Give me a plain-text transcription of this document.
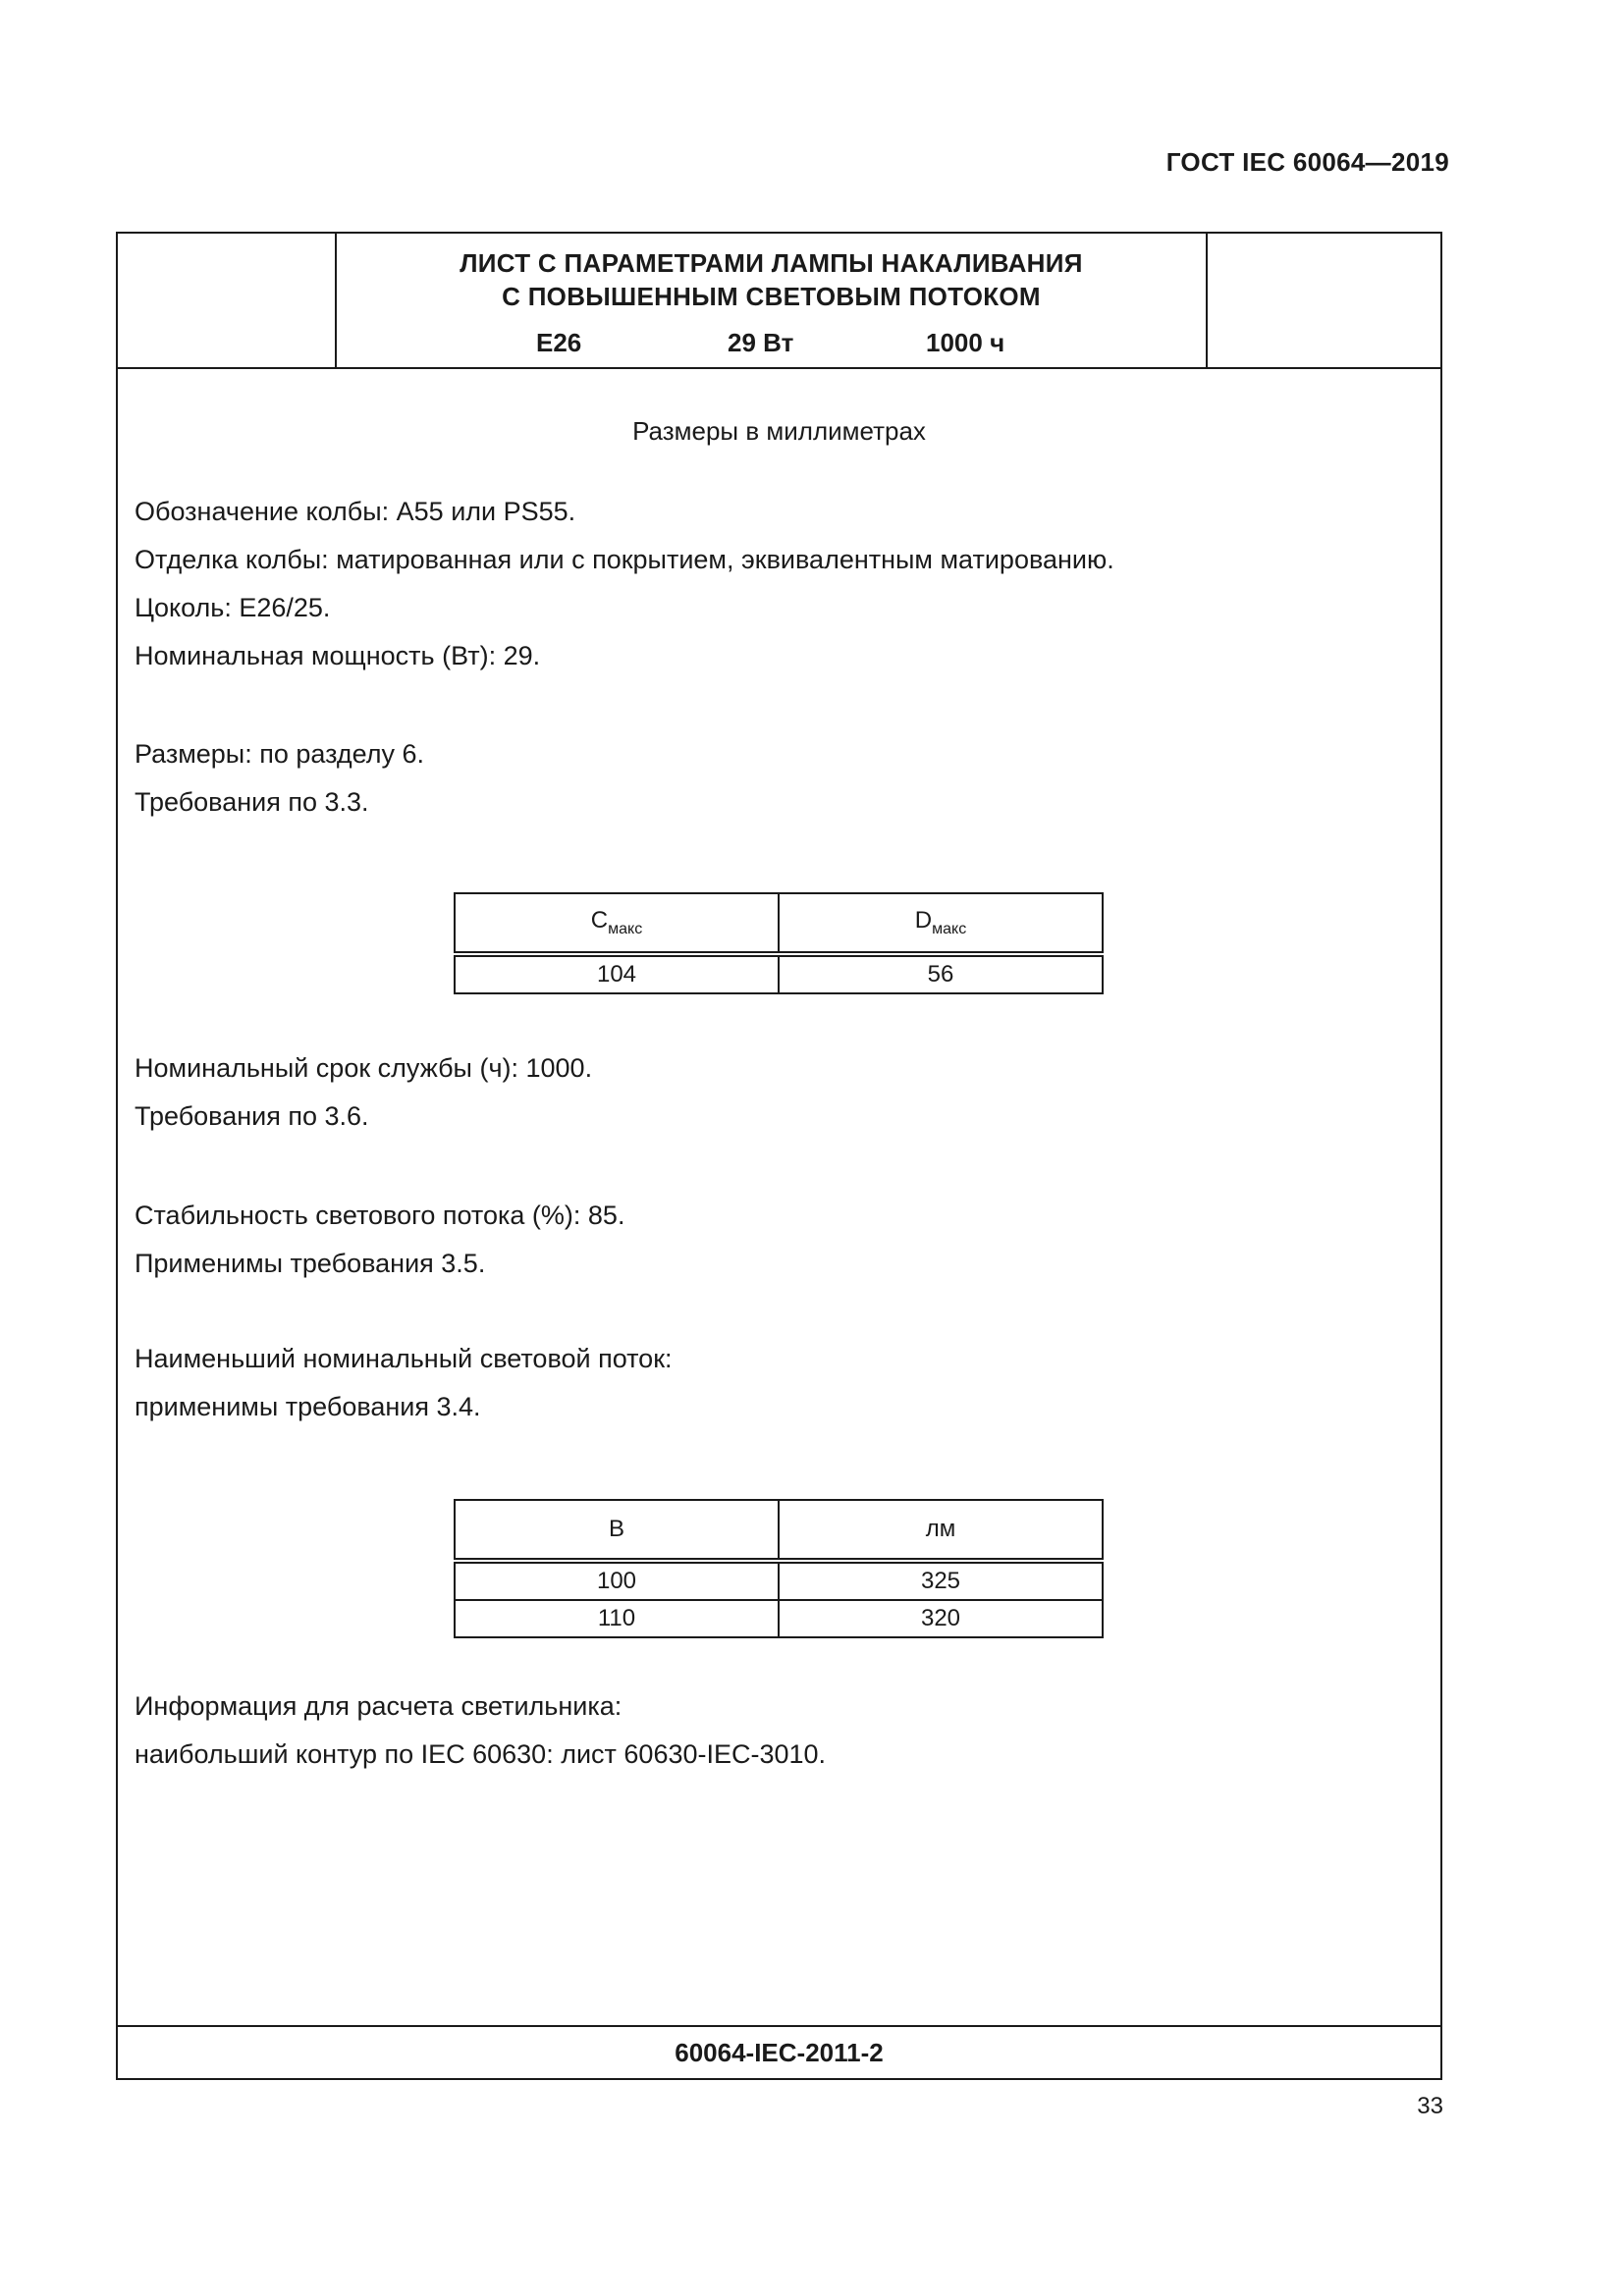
ГОСТ IEC 60064—2019
ЛИСТ С ПАРАМЕТРАМИ ЛАМПЫ НАКАЛИВАНИЯ
С ПОВЫШЕННЫМ СВЕТОВЫМ ПОТОКОМ
E26	29 Вт	1000 ч
Размеры в миллиметрах
Обозначение колбы: А55 или PS55.
Отделка колбы: матированная или с покрытием, эквивалентным матированию.
Цоколь: Е26/25.
Номинальная мощность (Вт): 29.
Размеры: по разделу 6.
Требования по 3.3.
$C_{макс}$	$D_{макс}$
104	56
Номинальный срок службы (ч): 1000.
Требования по 3.6.
Стабильность светового потока (%): 85.
Применимы требования 3.5.
Наименьший номинальный световой поток:
применимы требования 3.4.
В	лм
100	325
110	320
Информация для расчета светильника:
наибольший контур по IEC 60630: лист 60630-IEC-3010.
60064-IEC-2011-2
33
